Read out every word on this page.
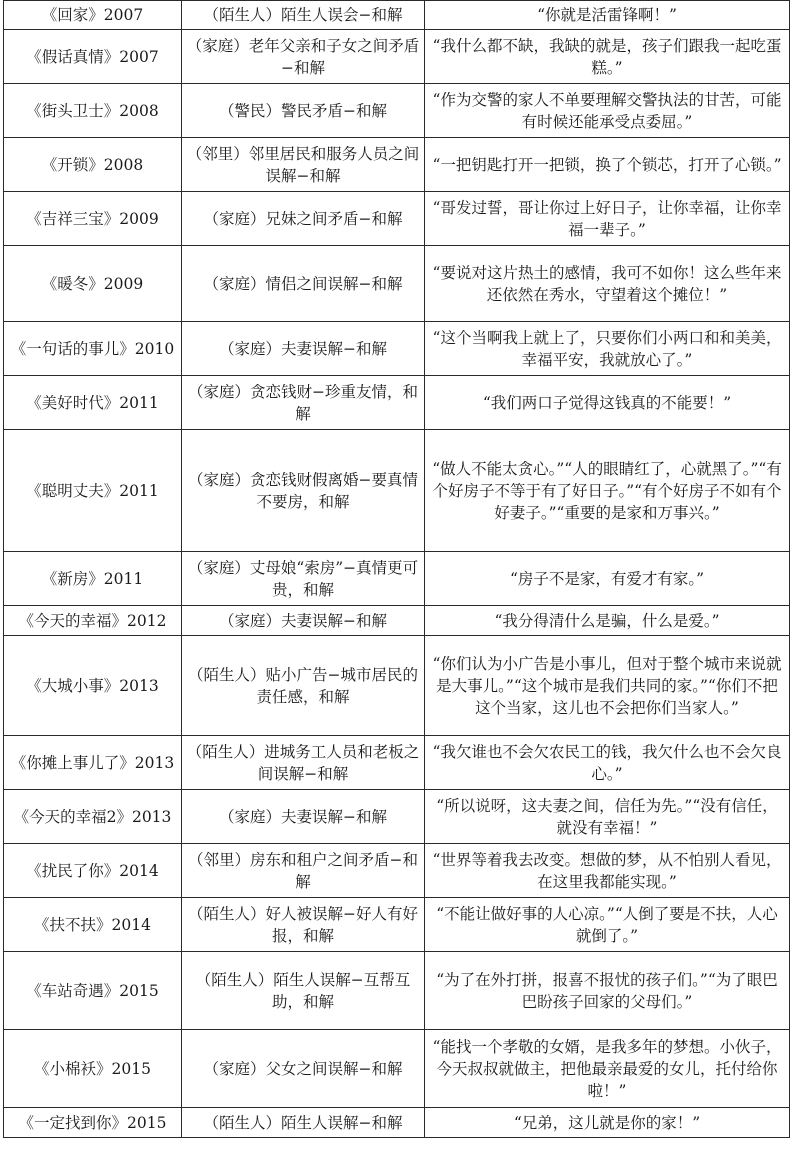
《回家》2007	（陌生人）陌生人误会−和解	“你就是活雷锋啊！”
《假话真情》2007	（家庭）老年父亲和子女之间矛盾−和解	“我什么都不缺，我缺的就是，孩子们跟我一起吃蛋糕。”
《街头卫士》2008	（警民）警民矛盾−和解	“作为交警的家人不单要理解交警执法的甘苦，可能有时候还能承受点委屈。”
《开锁》2008	（邻里）邻里居民和服务人员之间误解−和解	“一把钥匙打开一把锁，换了个锁芯，打开了心锁。”
《吉祥三宝》2009	（家庭）兄妹之间矛盾−和解	“哥发过誓，哥让你过上好日子，让你幸福，让你幸福一辈子。”
《暖冬》2009	（家庭）情侣之间误解−和解	“要说对这片热土的感情，我可不如你！这么些年来还依然在秀水，守望着这个摊位！”
《一句话的事儿》2010	（家庭）夫妻误解−和解	“这个当啊我上就上了，只要你们小两口和和美美，幸福平安，我就放心了。”
《美好时代》2011	（家庭）贪恋钱财−珍重友情，和解	“我们两口子觉得这钱真的不能要！”
《聪明丈夫》2011	（家庭）贪恋钱财假离婚−要真情不要房，和解	“做人不能太贪心。”“人的眼睛红了，心就黑了。”“有个好房子不等于有了好日子。”“有个好房子不如有个好妻子。”“重要的是家和万事兴。”
《新房》2011	（家庭）丈母娘“索房”−真情更可贵，和解	“房子不是家，有爱才有家。”
《今天的幸福》2012	（家庭）夫妻误解−和解	“我分得清什么是骗，什么是爱。”
《大城小事》2013	（陌生人）贴小广告−城市居民的责任感，和解	“你们认为小广告是小事儿，但对于整个城市来说就是大事儿。”“这个城市是我们共同的家。”“你们不把这个当家，这儿也不会把你们当家人。”
《你摊上事儿了》2013	（陌生人）进城务工人员和老板之间误解−和解	“我欠谁也不会欠农民工的钱，我欠什么也不会欠良心。”
《今天的幸福2》2013	（家庭）夫妻误解−和解	“所以说呀，这夫妻之间，信任为先。”“没有信任，就没有幸福！”
《扰民了你》2014	（邻里）房东和租户之间矛盾−和解	“世界等着我去改变。想做的梦，从不怕别人看见，在这里我都能实现。”
《扶不扶》2014	（陌生人）好人被误解−好人有好报，和解	“不能让做好事的人心凉。”“人倒了要是不扶，人心就倒了。”
《车站奇遇》2015	（陌生人）陌生人误解−互帮互助，和解	“为了在外打拼，报喜不报忧的孩子们。”“为了眼巴巴盼孩子回家的父母们。”
《小棉袄》2015	（家庭）父女之间误解−和解	“能找一个孝敬的女婿，是我多年的梦想。小伙子，今天叔叔就做主，把他最亲最爱的女儿，托付给你啦！”
《一定找到你》2015	（陌生人）陌生人误解−和解	“兄弟，这儿就是你的家！”
